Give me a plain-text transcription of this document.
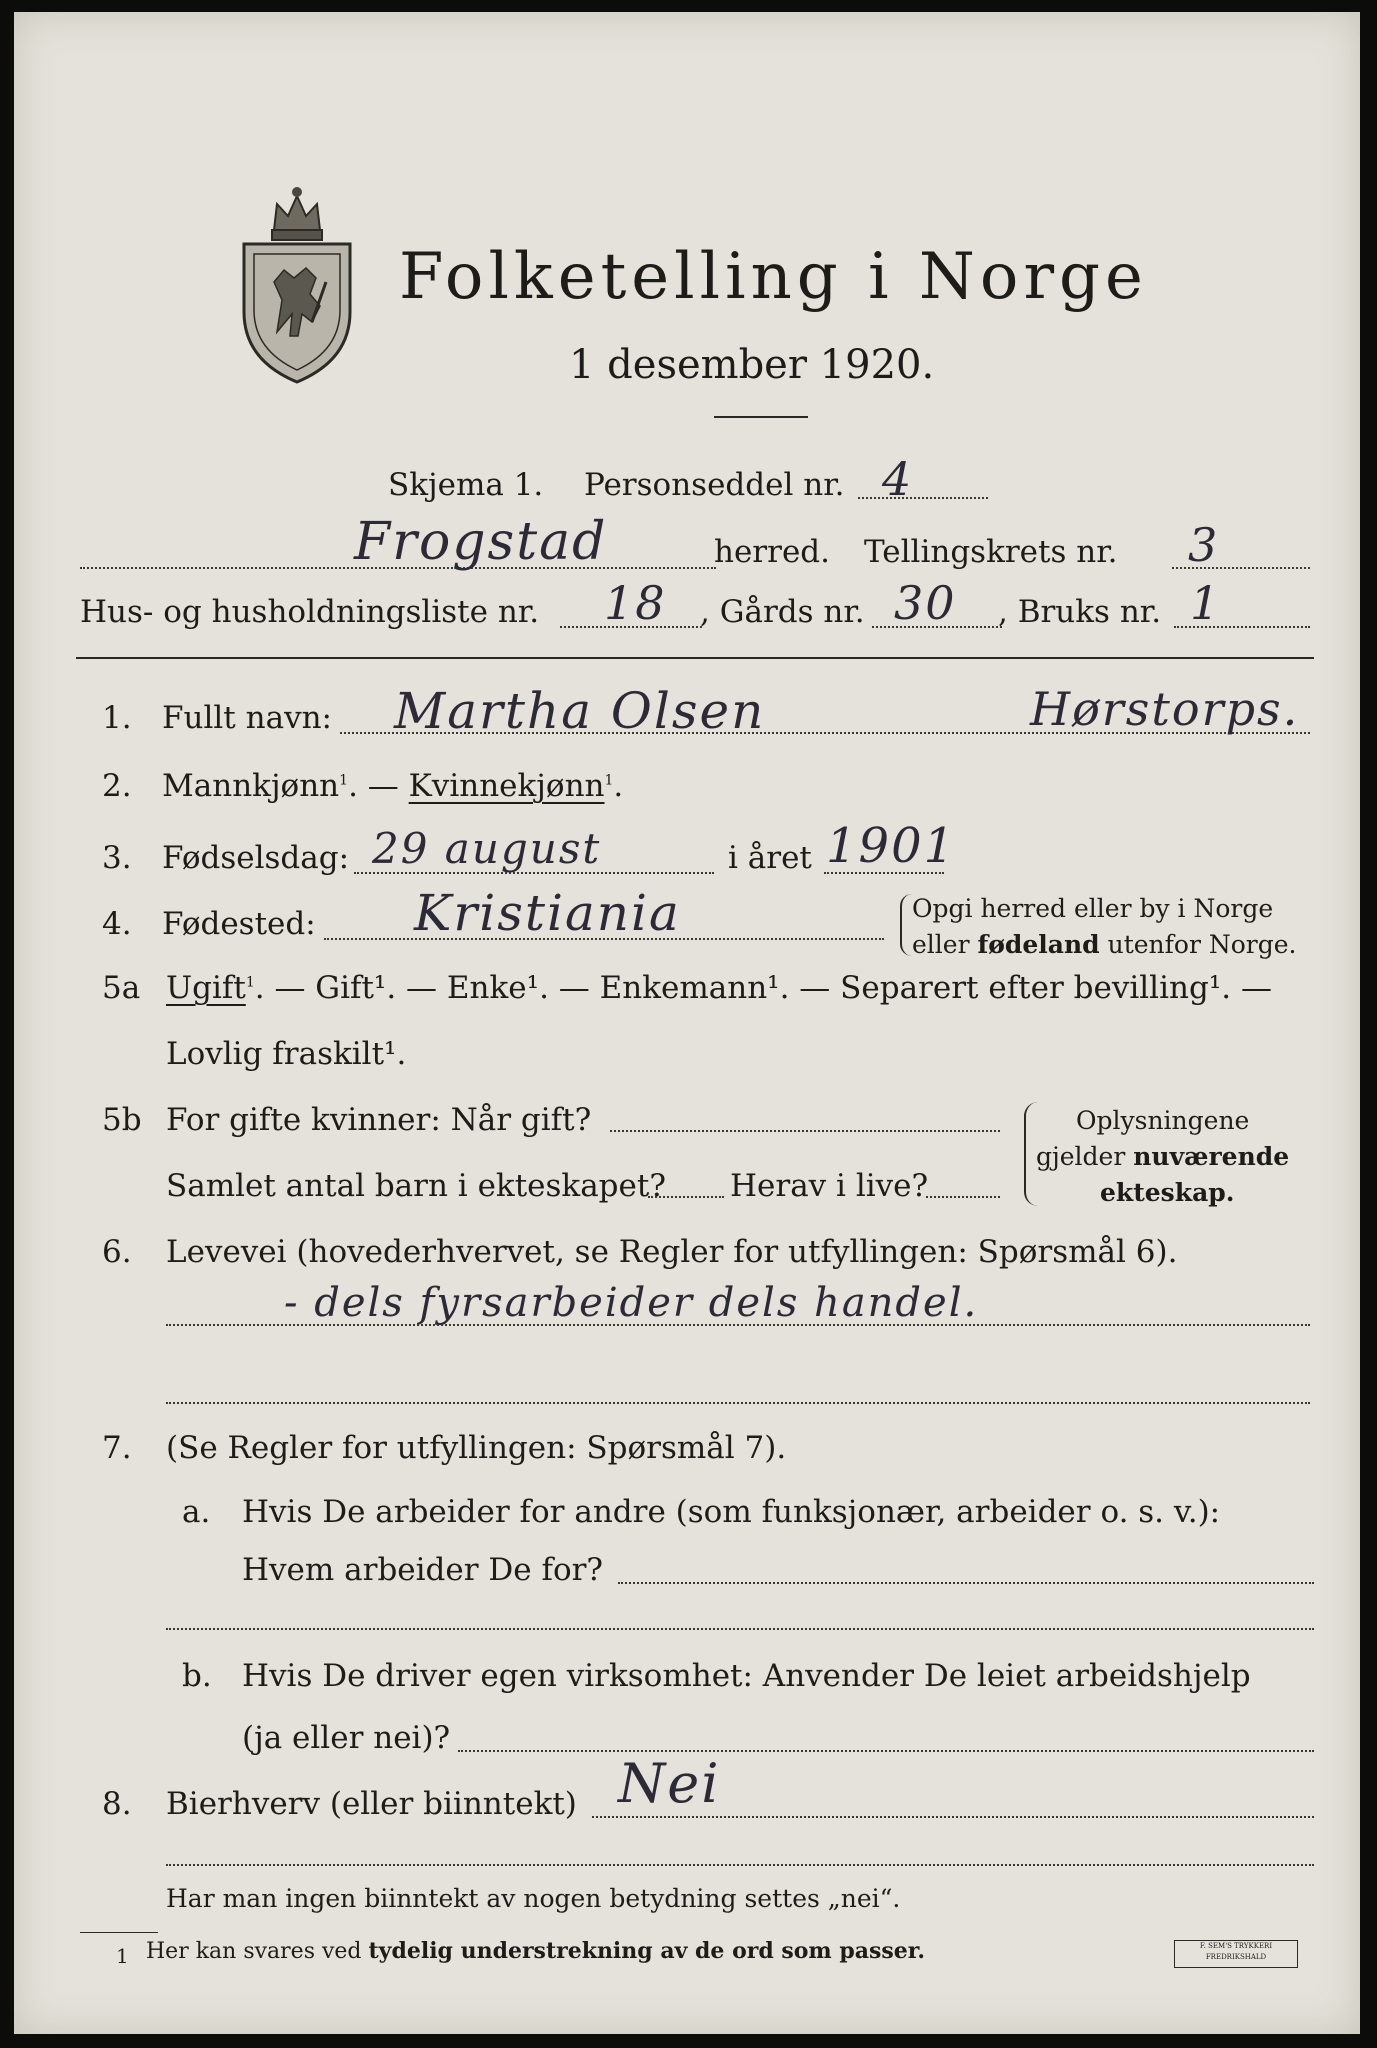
Folketelling i Norge
1 desember 1920.
Skjema 1. Personseddel nr. 4
Frogstad	herred. Tellingskrets nr. 3
Hus- og husholdningsliste nr. 18 , Gårds nr. 30 , Bruks nr. 1
1. Fullt navn: Martha Olsen	Hørstorps.
2. Mannkjønn$^1$. — Kvinnekjønn$^1$.
3. Fødselsdag: 29 august	i året 1901
4. Fødested: Kristiania	Opgi herred eller by i Norge
eller fødeland utenfor Norge.
5a Ugift$^1$. — Gift¹. — Enke¹. — Enkemann¹. — Separert efter bevilling¹. —
Lovlig fraskilt¹.
5b For gifte kvinner: Når gift?
Samlet antal barn i ekteskapet? Herav i live?
Oplysningene
gjelder nuværende
ekteskap.
6. Levevei (hovederhvervet, se Regler for utfyllingen: Spørsmål 6).
- dels fyrsarbeider dels handel.
7. (Se Regler for utfyllingen: Spørsmål 7).
a. Hvis De arbeider for andre (som funksjonær, arbeider o. s. v.):
Hvem arbeider De for?
b. Hvis De driver egen virksomhet: Anvender De leiet arbeidshjelp
(ja eller nei)?
8. Bierhverv (eller biinntekt) Nei
Har man ingen biinntekt av nogen betydning settes „nei“.
1 Her kan svares ved tydelig understrekning av de ord som passer.	F. SEM'S TRYKKERI
FREDRIKSHALD
